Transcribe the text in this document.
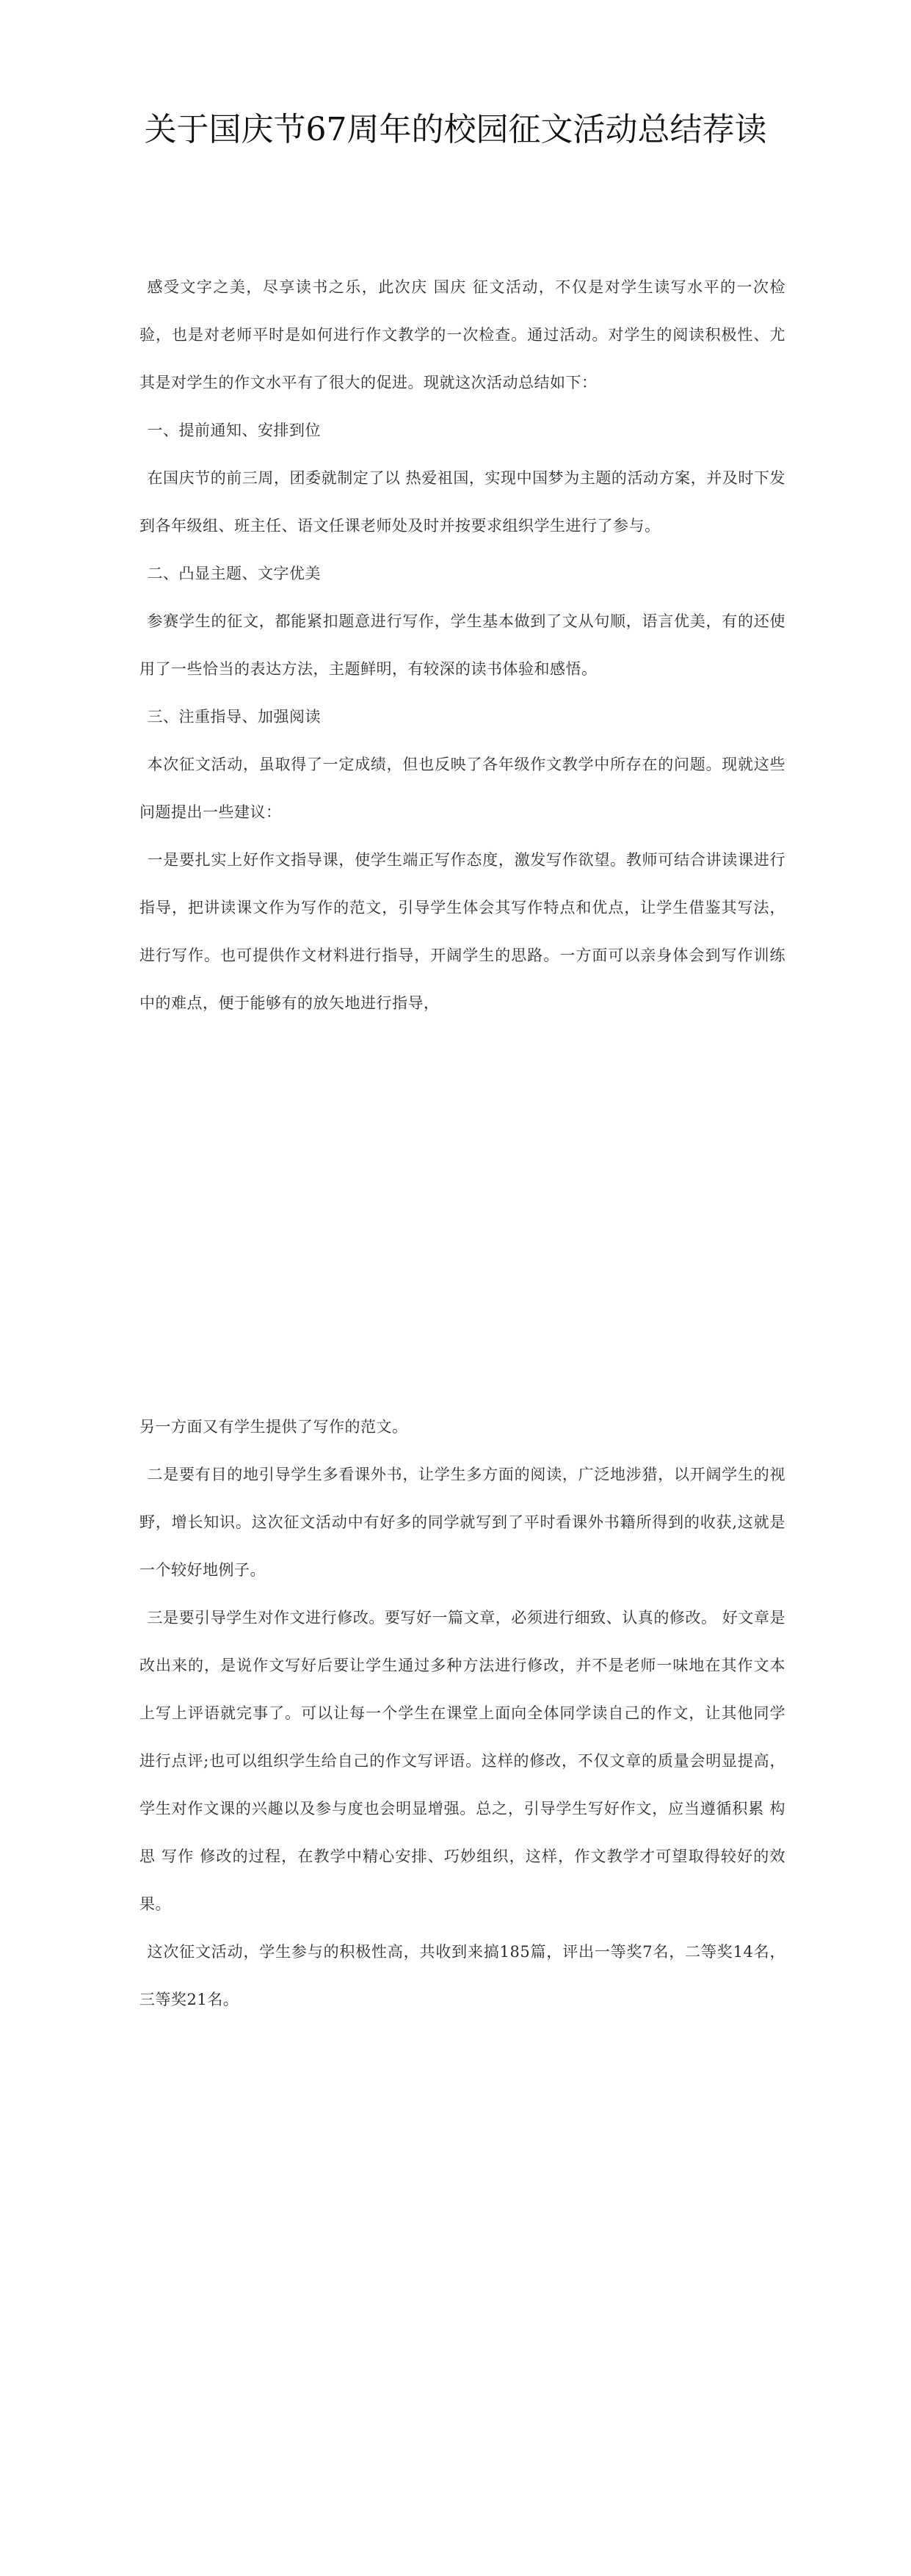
关于国庆节67周年的校园征文活动总结荐读

感受文字之美，尽享读书之乐，此次庆 国庆 征文活动，不仅是对学生读写水平的一次检验，也是对老师平时是如何进行作文教学的一次检查。通过活动。对学生的阅读积极性、尤其是对学生的作文水平有了很大的促进。现就这次活动总结如下：

一、提前通知、安排到位

在国庆节的前三周，团委就制定了以 热爱祖国，实现中国梦为主题的活动方案，并及时下发到各年级组、班主任、语文任课老师处及时并按要求组织学生进行了参与。

二、凸显主题、文字优美

参赛学生的征文，都能紧扣题意进行写作，学生基本做到了文从句顺，语言优美，有的还使用了一些恰当的表达方法，主题鲜明，有较深的读书体验和感悟。

三、注重指导、加强阅读

本次征文活动，虽取得了一定成绩，但也反映了各年级作文教学中所存在的问题。现就这些问题提出一些建议：

一是要扎实上好作文指导课，使学生端正写作态度，激发写作欲望。教师可结合讲读课进行指导，把讲读课文作为写作的范文，引导学生体会其写作特点和优点，让学生借鉴其写法，进行写作。也可提供作文材料进行指导，开阔学生的思路。一方面可以亲身体会到写作训练中的难点，便于能够有的放矢地进行指导，

另一方面又有学生提供了写作的范文。

二是要有目的地引导学生多看课外书，让学生多方面的阅读，广泛地涉猎，以开阔学生的视野，增长知识。这次征文活动中有好多的同学就写到了平时看课外书籍所得到的收获,这就是一个较好地例子。

三是要引导学生对作文进行修改。要写好一篇文章，必须进行细致、认真的修改。 好文章是改出来的，是说作文写好后要让学生通过多种方法进行修改，并不是老师一味地在其作文本上写上评语就完事了。可以让每一个学生在课堂上面向全体同学读自己的作文，让其他同学进行点评;也可以组织学生给自己的作文写评语。这样的修改，不仅文章的质量会明显提高，学生对作文课的兴趣以及参与度也会明显增强。总之，引导学生写好作文，应当遵循积累 构思 写作 修改的过程，在教学中精心安排、巧妙组织，这样，作文教学才可望取得较好的效果。

这次征文活动，学生参与的积极性高，共收到来搞185篇，评出一等奖7名，二等奖14名，三等奖21名。
